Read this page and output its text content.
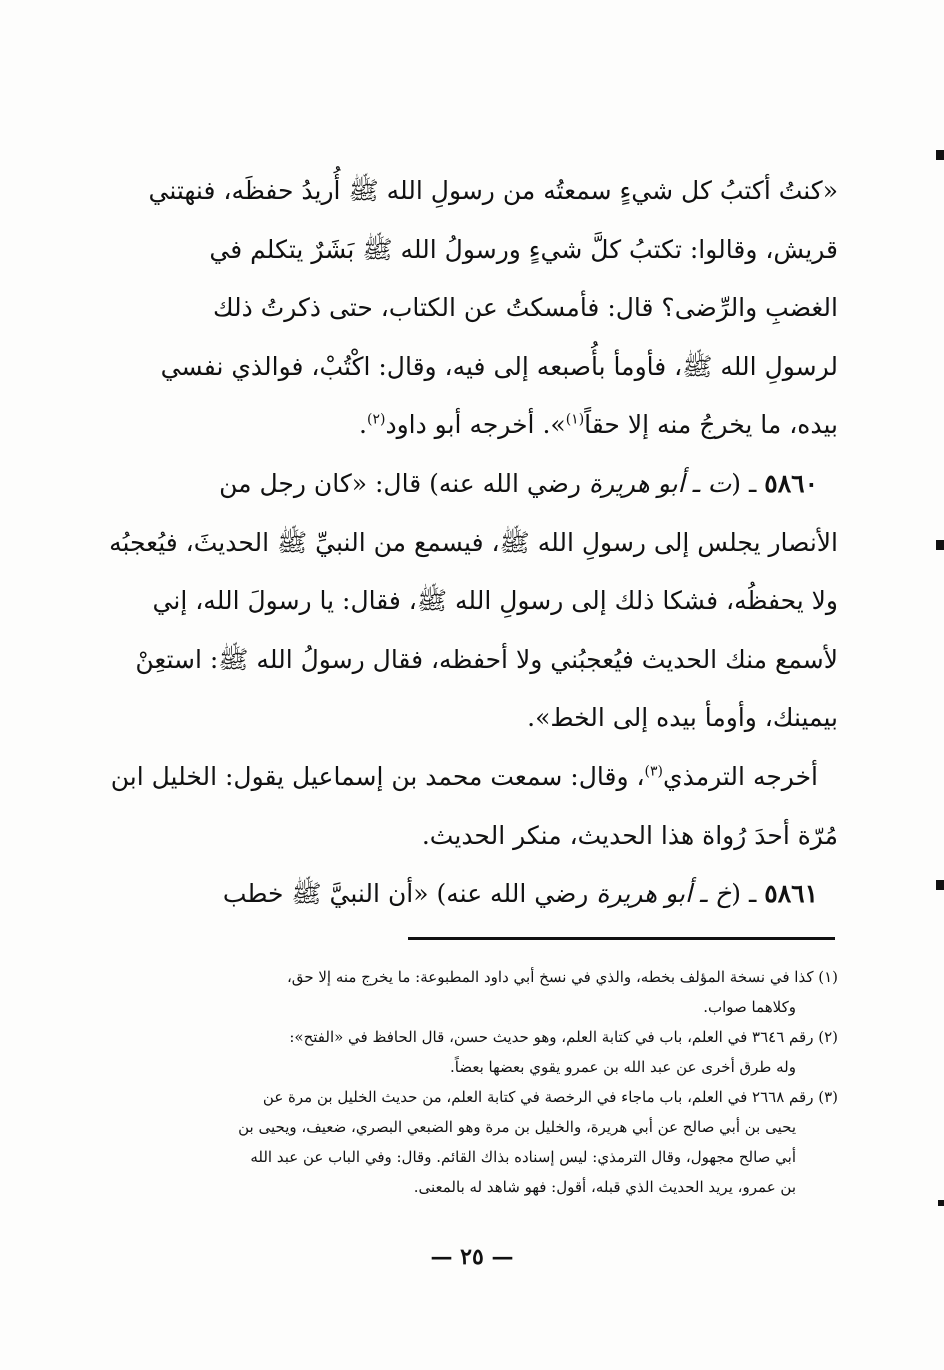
«كنتُ أكتبُ كل شيءٍ سمعتُه من رسولِ الله ﷺ أُريدُ حفظَه، فنهتني

قريش، وقالوا: تكتبُ كلَّ شيءٍ ورسولُ الله ﷺ بَشَرٌ يتكلم في

الغضبِ والرِّضى؟ قال: فأمسكتُ عن الكتاب، حتى ذكرتُ ذلك

لرسولِ الله ﷺ، فأومأ بأُصبعه إلى فيه، وقال: اكْتُبْ، فوالذي نفسي

بيده، ما يخرجُ منه إلا حقاً$^{(١)}$». أخرجه أبو داود$^{(٢)}$.

٥٨٦٠ ـ (ت ـ أبو هريرة رضي الله عنه) قال: «كان رجل من

الأنصار يجلس إلى رسولِ الله ﷺ، فيسمع من النبيِّ ﷺ الحديثَ، فيُعجبُه

ولا يحفظُه، فشكا ذلك إلى رسولِ الله ﷺ، فقال: يا رسولَ الله، إني

لأسمع منك الحديث فيُعجبُني ولا أحفظه، فقال رسولُ الله ﷺ: استعِنْ

بيمينك، وأومأ بيده إلى الخط».

أخرجه الترمذي$^{(٣)}$، وقال: سمعت محمد بن إسماعيل يقول: الخليل ابن

مُرّة أحدَ رُواة هذا الحديث، منكر الحديث.

٥٨٦١ ـ (خ ـ أبو هريرة رضي الله عنه) «أن النبيَّ ﷺ خطب

(١) كذا في نسخة المؤلف بخطه، والذي في نسخ أبي داود المطبوعة: ما يخرج منه إلا حق،

وكلاهما صواب.

(٢) رقم ٣٦٤٦ في العلم، باب في كتابة العلم، وهو حديث حسن، قال الحافظ في «الفتح»:

وله طرق أخرى عن عبد الله بن عمرو يقوي بعضها بعضاً.

(٣) رقم ٢٦٦٨ في العلم، باب ماجاء في الرخصة في كتابة العلم، من حديث الخليل بن مرة عن

يحيى بن أبي صالح عن أبي هريرة، والخليل بن مرة وهو الضبعي البصري، ضعيف، ويحيى بن

أبي صالح مجهول، وقال الترمذي: ليس إسناده بذاك القائم. وقال: وفي الباب عن عبد الله

بن عمرو، يريد الحديث الذي قبله، أقول: فهو شاهد له بالمعنى.

— ٢٥ —
